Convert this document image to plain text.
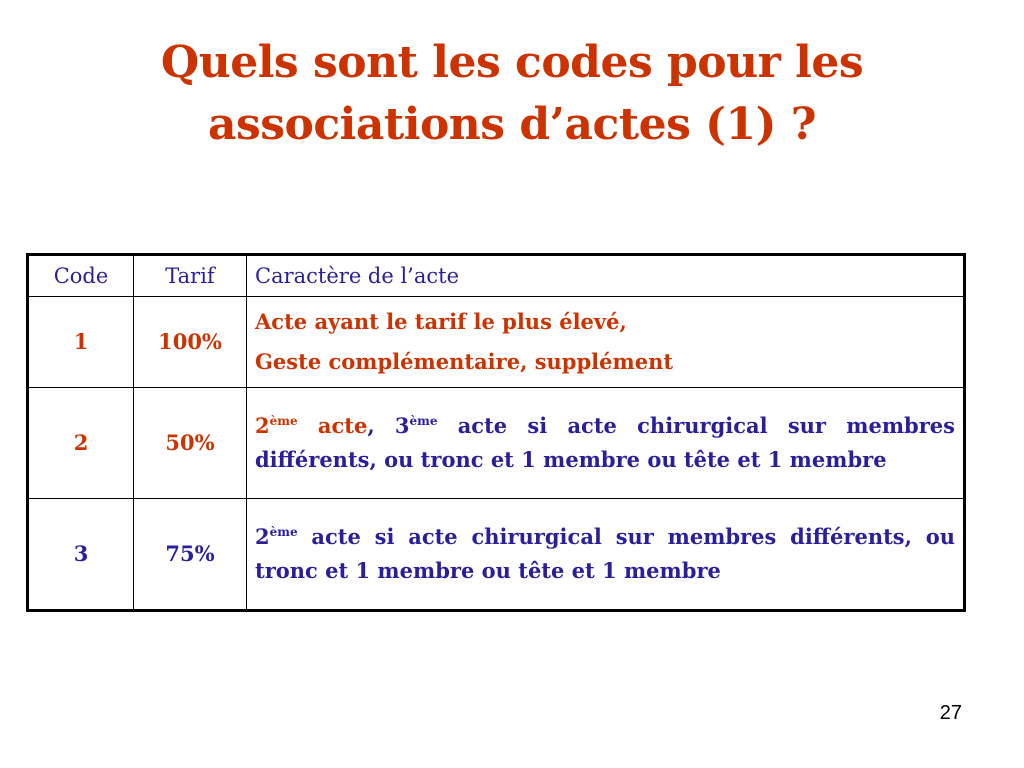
Quels sont les codes pour les
associations d’actes (1) ?
Code	Tarif	Caractère de l’acte
1	100%	Acte ayant le tarif le plus élevé,
Geste complémentaire, supplément

2	50%	2ème acte, 3ème acte si acte chirurgical sur membres différents, ou tronc et 1 membre ou tête et 1 membre

3	75%	2ème acte si acte chirurgical sur membres différents, ou tronc et 1 membre ou tête et 1 membre
27
